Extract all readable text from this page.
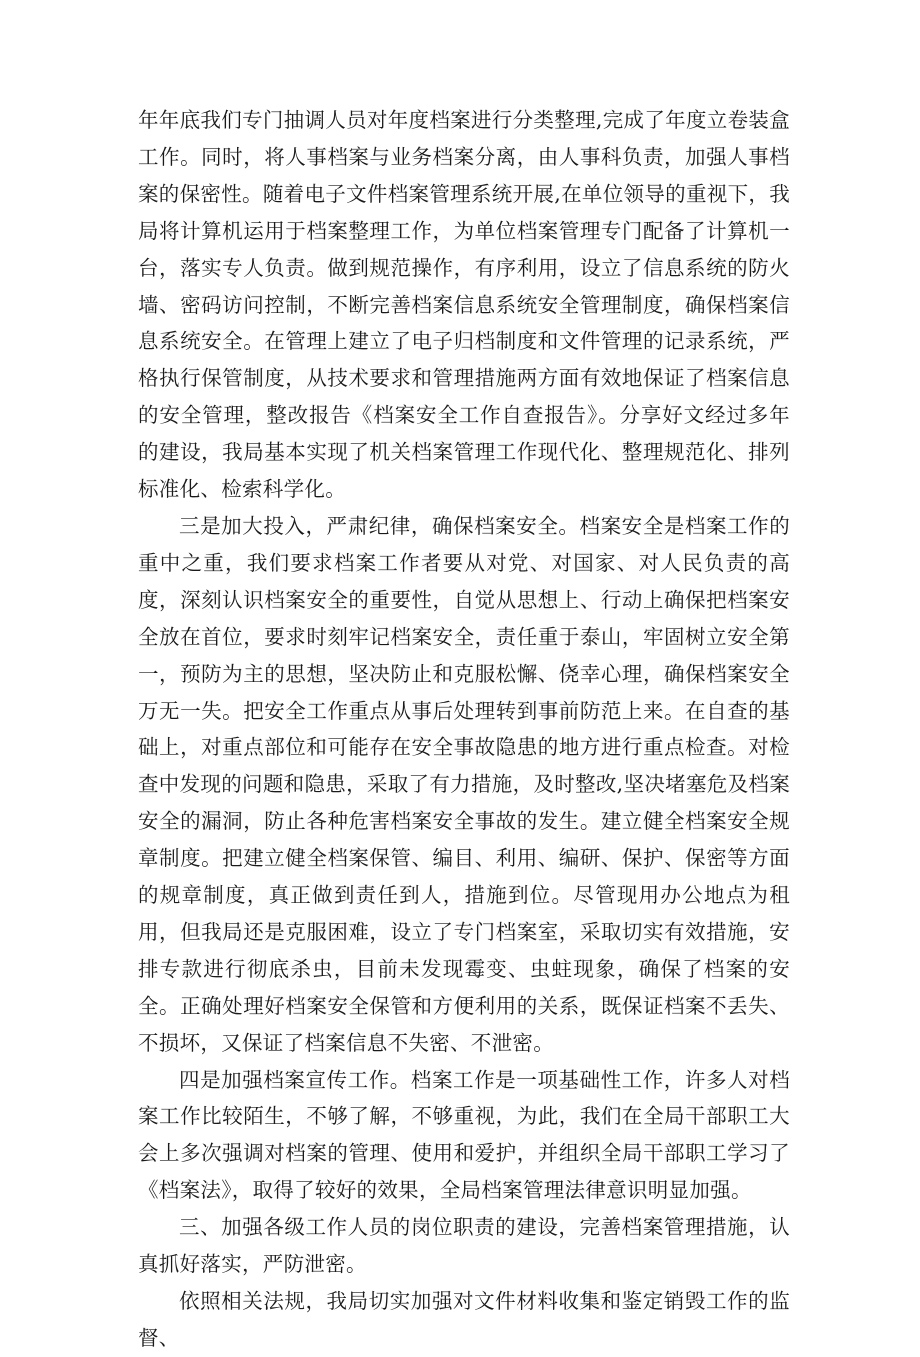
年年底我们专门抽调人员对年度档案进行分类整理,完成了年度立卷装盒工作。同时，将人事档案与业务档案分离，由人事科负责，加强人事档案的保密性。随着电子文件档案管理系统开展,在单位领导的重视下，我局将计算机运用于档案整理工作，为单位档案管理专门配备了计算机一台，落实专人负责。做到规范操作，有序利用，设立了信息系统的防火墙、密码访问控制，不断完善档案信息系统安全管理制度，确保档案信息系统安全。在管理上建立了电子归档制度和文件管理的记录系统，严格执行保管制度，从技术要求和管理措施两方面有效地保证了档案信息的安全管理，整改报告《档案安全工作自查报告》。分享好文经过多年的建设，我局基本实现了机关档案管理工作现代化、整理规范化、排列标准化、检索科学化。

三是加大投入，严肃纪律，确保档案安全。档案安全是档案工作的重中之重，我们要求档案工作者要从对党、对国家、对人民负责的高度，深刻认识档案安全的重要性，自觉从思想上、行动上确保把档案安全放在首位，要求时刻牢记档案安全，责任重于泰山，牢固树立安全第一，预防为主的思想，坚决防止和克服松懈、侥幸心理，确保档案安全万无一失。把安全工作重点从事后处理转到事前防范上来。在自查的基础上，对重点部位和可能存在安全事故隐患的地方进行重点检查。对检查中发现的问题和隐患，采取了有力措施，及时整改,坚决堵塞危及档案安全的漏洞，防止各种危害档案安全事故的发生。建立健全档案安全规章制度。把建立健全档案保管、编目、利用、编研、保护、保密等方面的规章制度，真正做到责任到人，措施到位。尽管现用办公地点为租用，但我局还是克服困难，设立了专门档案室，采取切实有效措施，安排专款进行彻底杀虫，目前未发现霉变、虫蛀现象，确保了档案的安全。正确处理好档案安全保管和方便利用的关系，既保证档案不丢失、不损坏，又保证了档案信息不失密、不泄密。

四是加强档案宣传工作。档案工作是一项基础性工作，许多人对档案工作比较陌生，不够了解，不够重视，为此，我们在全局干部职工大会上多次强调对档案的管理、使用和爱护，并组织全局干部职工学习了《档案法》，取得了较好的效果，全局档案管理法律意识明显加强。

三、加强各级工作人员的岗位职责的建设，完善档案管理措施，认真抓好落实，严防泄密。

依照相关法规，我局切实加强对文件材料收集和鉴定销毁工作的监督、
